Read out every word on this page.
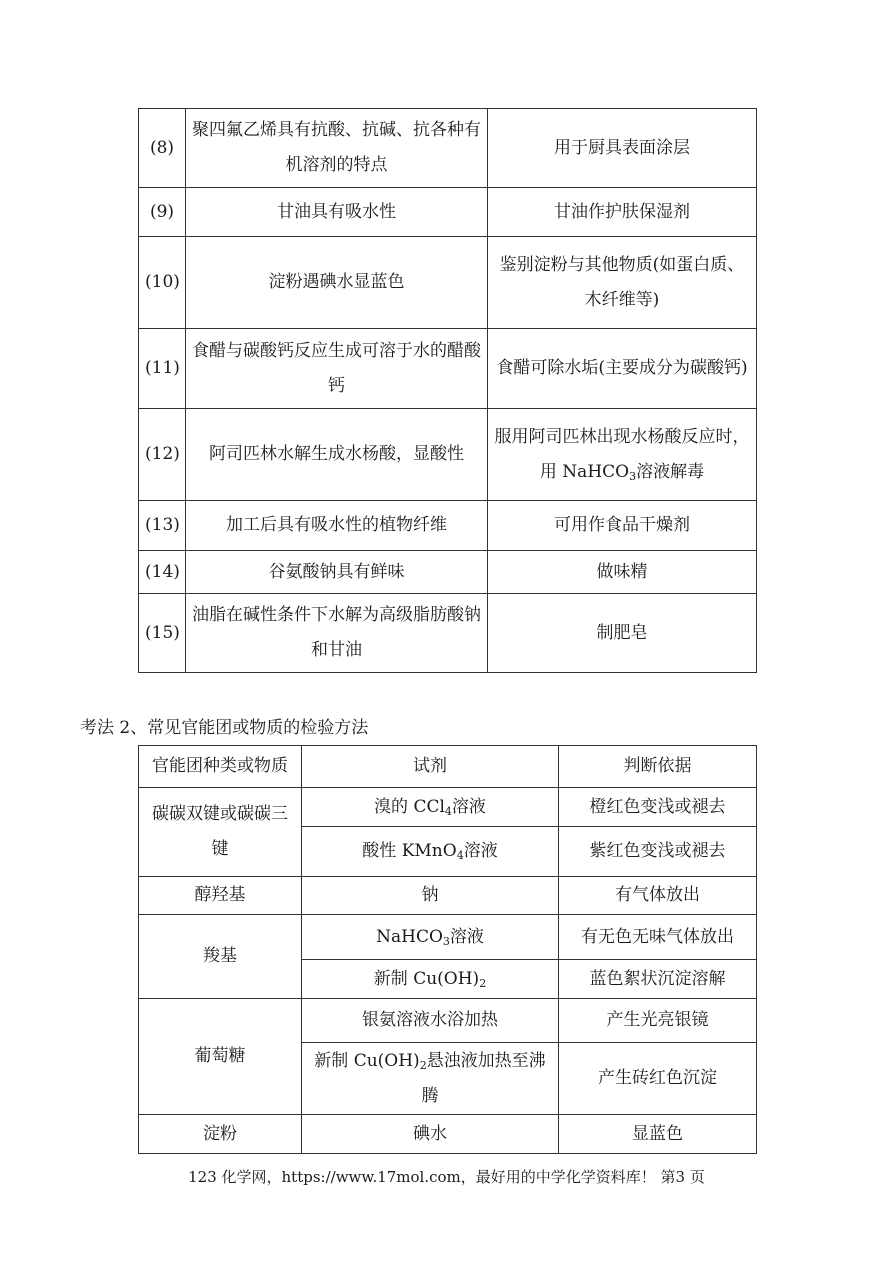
(8)	聚四氟乙烯具有抗酸、抗碱、抗各种有机溶剂的特点	用于厨具表面涂层
(9)	甘油具有吸水性	甘油作护肤保湿剂
(10)	淀粉遇碘水显蓝色	鉴别淀粉与其他物质(如蛋白质、木纤维等)
(11)	食醋与碳酸钙反应生成可溶于水的醋酸钙	食醋可除水垢(主要成分为碳酸钙)
(12)	阿司匹林水解生成水杨酸，显酸性	服用阿司匹林出现水杨酸反应时，用 NaHCO$_3$溶液解毒
(13)	加工后具有吸水性的植物纤维	可用作食品干燥剂
(14)	谷氨酸钠具有鲜味	做味精
(15)	油脂在碱性条件下水解为高级脂肪酸钠和甘油	制肥皂
考法 2、常见官能团或物质的检验方法
官能团种类或物质	试剂	判断依据
碳碳双键或碳碳三键	溴的 CCl$_4$溶液	橙红色变浅或褪去
	酸性 KMnO$_4$溶液	紫红色变浅或褪去
醇羟基	钠	有气体放出
羧基	NaHCO$_3$溶液	有无色无味气体放出
	新制 $Cu(OH)_2$	蓝色絮状沉淀溶解
葡萄糖	银氨溶液水浴加热	产生光亮银镜
	新制 $Cu(OH)_2$悬浊液加热至沸腾	产生砖红色沉淀
淀粉	碘水	显蓝色
123 化学网，https://www.17mol.com，最好用的中学化学资料库！ 第3 页
